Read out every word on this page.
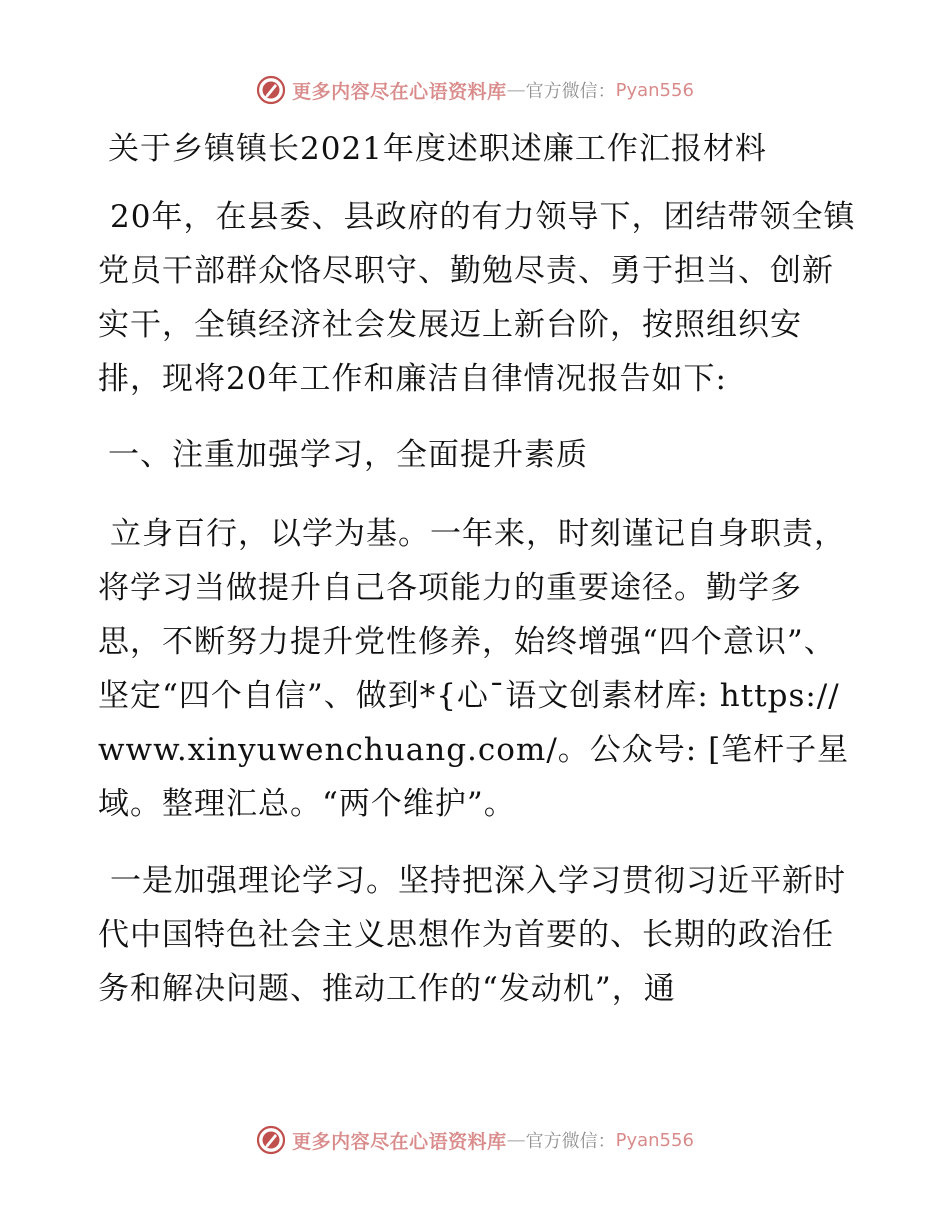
更多内容尽在心语资料库 — 官方微信： Pyan556
关于乡镇镇长2021年度述职述廉工作汇报材料

20年，在县委、县政府的有力领导下，团结带领全镇党员干部群众恪尽职守、勤勉尽责、勇于担当、创新实干，全镇经济社会发展迈上新台阶，按照组织安排，现将20年工作和廉洁自律情况报告如下:

一、注重加强学习，全面提升素质

立身百行，以学为基。一年来，时刻谨记自身职责，将学习当做提升自己各项能力的重要途径。勤学多思，不断努力提升党性修养，始终增强“四个意识”、坚定“四个自信”、做到*{心¯语文创素材库: https://www.xinyuwenchuang.com/。公众号: [笔杆子星域。整理汇总。“两个维护”。

一是加强理论学习。坚持把深入学习贯彻习近平新时代中国特色社会主义思想作为首要的、长期的政治任务和解决问题、推动工作的“发动机”，通

更多内容尽在心语资料库 — 官方微信： Pyan556
